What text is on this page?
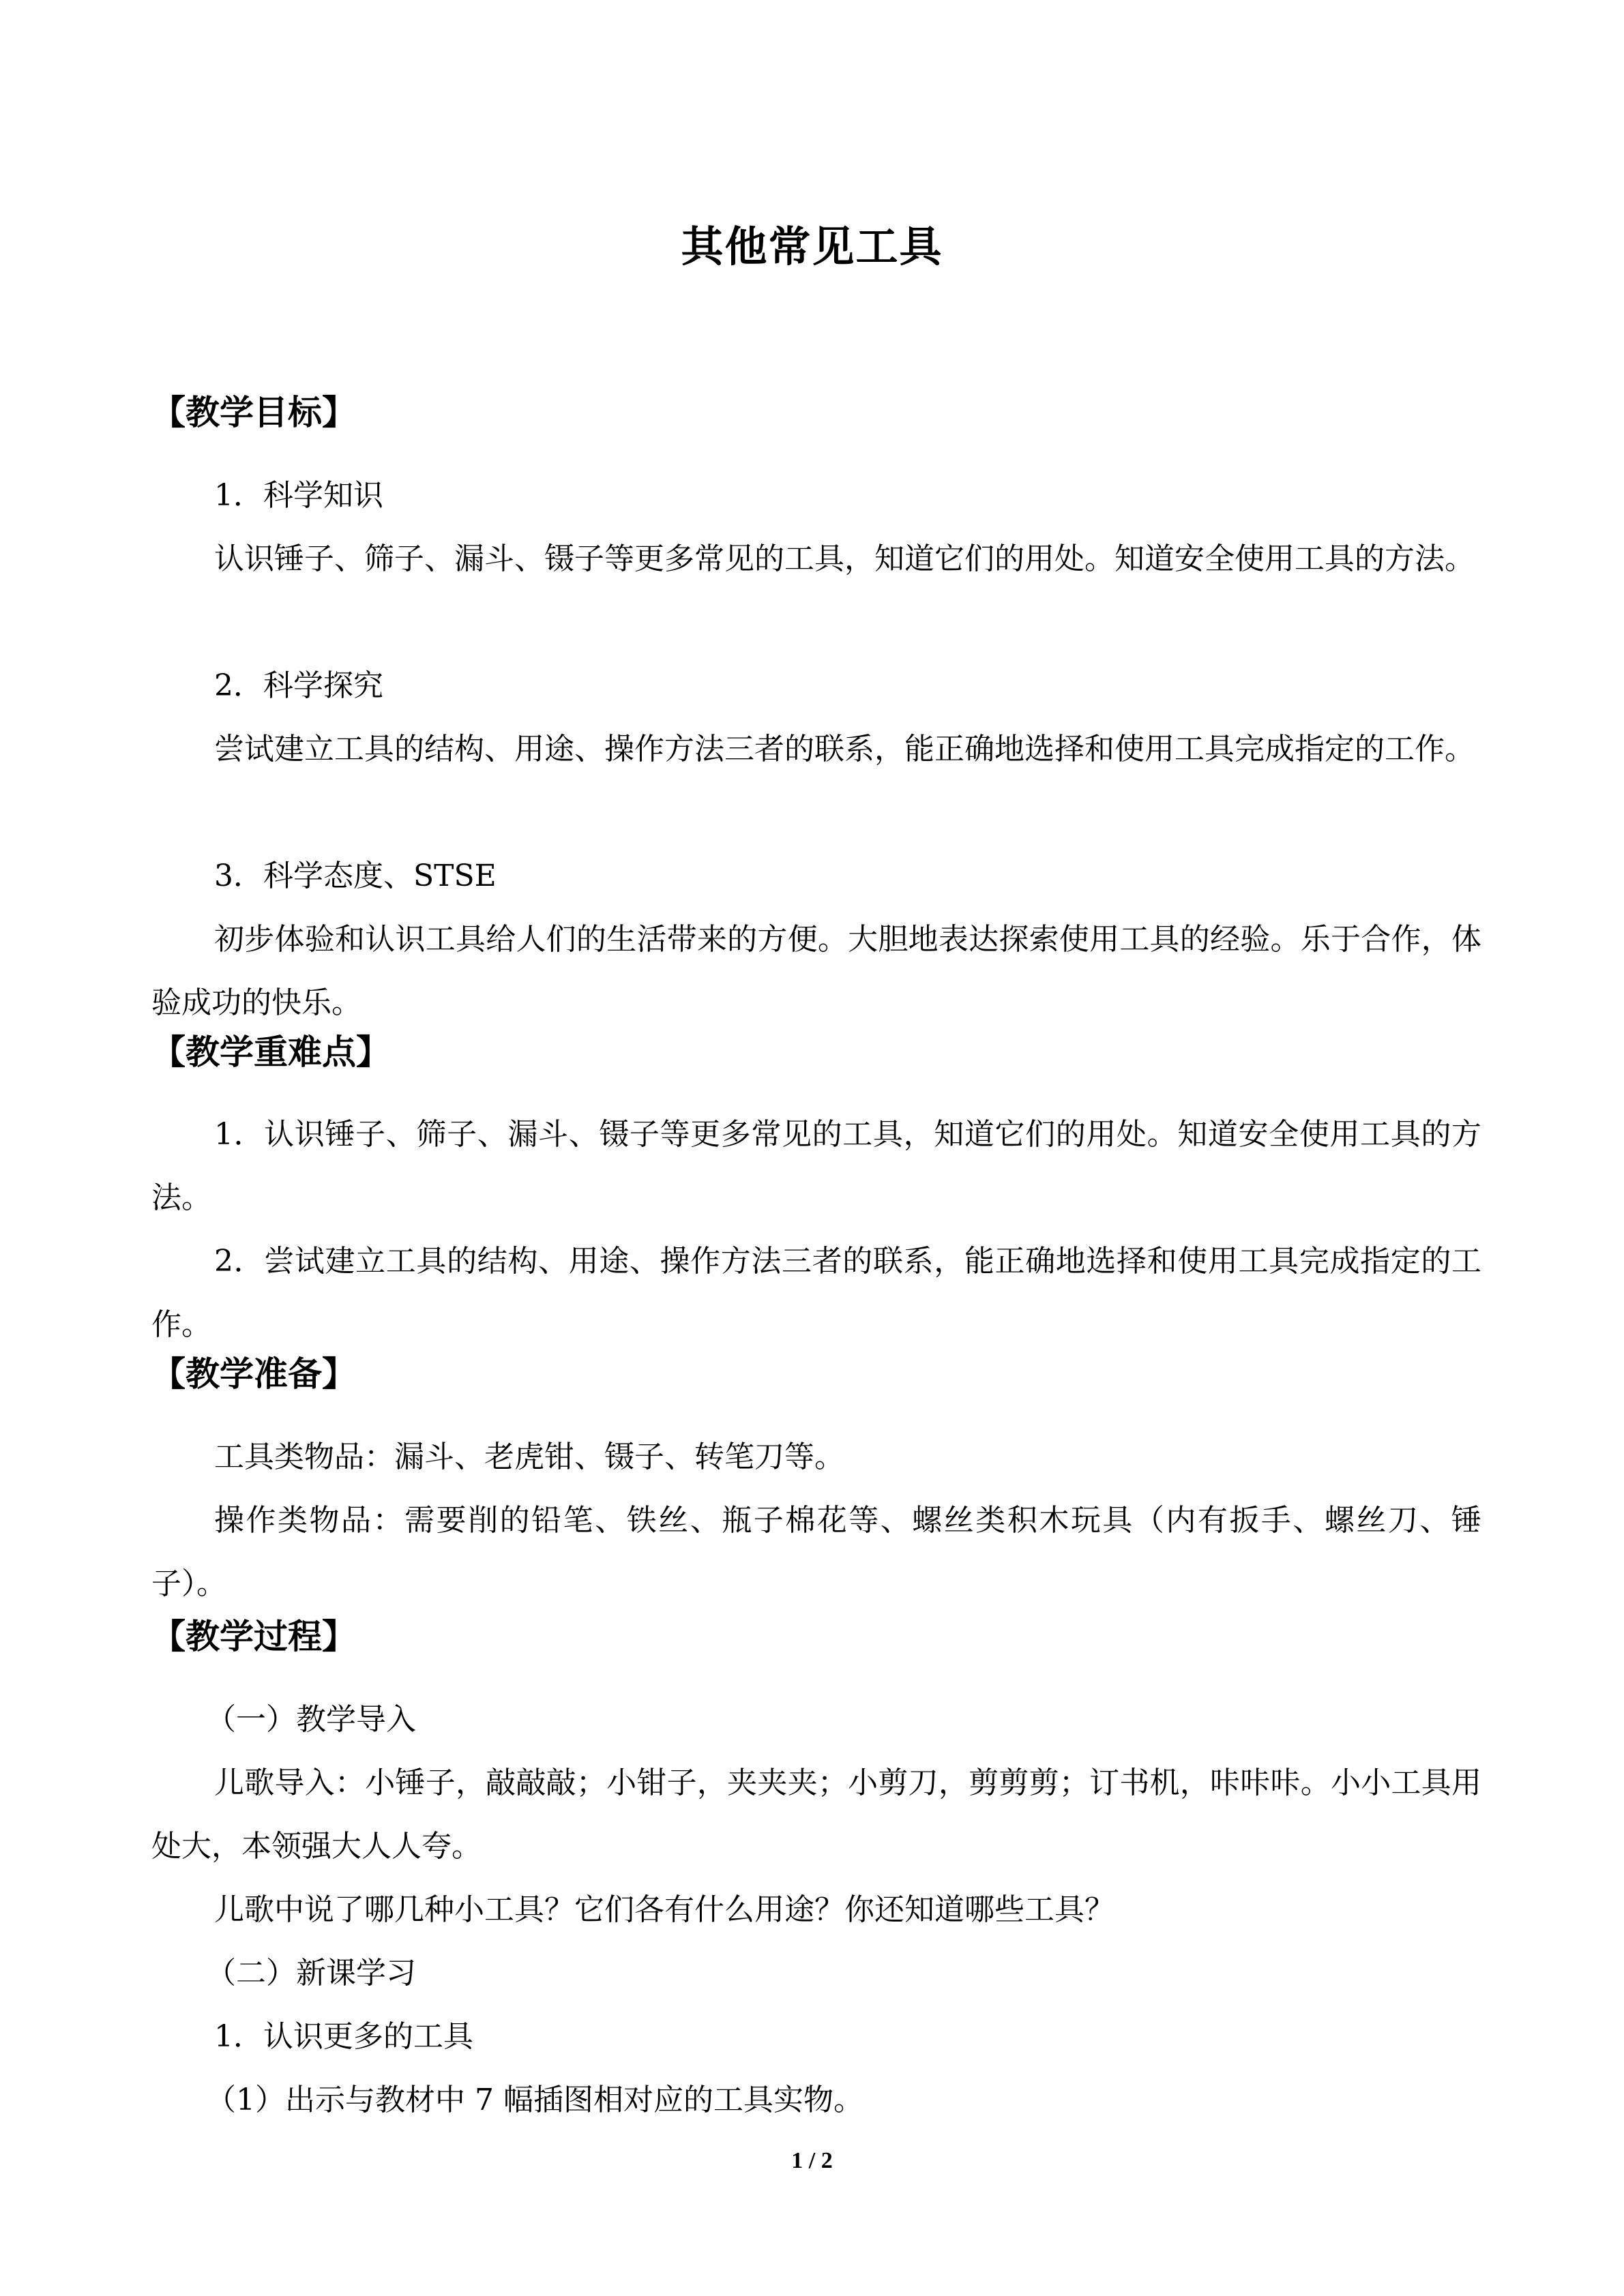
其他常见工具
【教学目标】
1．科学知识
认识锤子、筛子、漏斗、镊子等更多常见的工具，知道它们的用处。知道安全使用工具的方法。
2．科学探究
尝试建立工具的结构、用途、操作方法三者的联系，能正确地选择和使用工具完成指定的工作。
3．科学态度、STSE
初步体验和认识工具给人们的生活带来的方便。大胆地表达探索使用工具的经验。乐于合作，体验成功的快乐。
【教学重难点】
1．认识锤子、筛子、漏斗、镊子等更多常见的工具，知道它们的用处。知道安全使用工具的方法。
2．尝试建立工具的结构、用途、操作方法三者的联系，能正确地选择和使用工具完成指定的工作。
【教学准备】
工具类物品：漏斗、老虎钳、镊子、转笔刀等。
操作类物品：需要削的铅笔、铁丝、瓶子棉花等、螺丝类积木玩具（内有扳手、螺丝刀、锤子）。
【教学过程】
（一）教学导入
儿歌导入：小锤子，敲敲敲；小钳子，夹夹夹；小剪刀，剪剪剪；订书机，咔咔咔。小小工具用处大，本领强大人人夸。
儿歌中说了哪几种小工具？它们各有什么用途？你还知道哪些工具？
（二）新课学习
1．认识更多的工具
（1）出示与教材中 7 幅插图相对应的工具实物。
1 / 2
